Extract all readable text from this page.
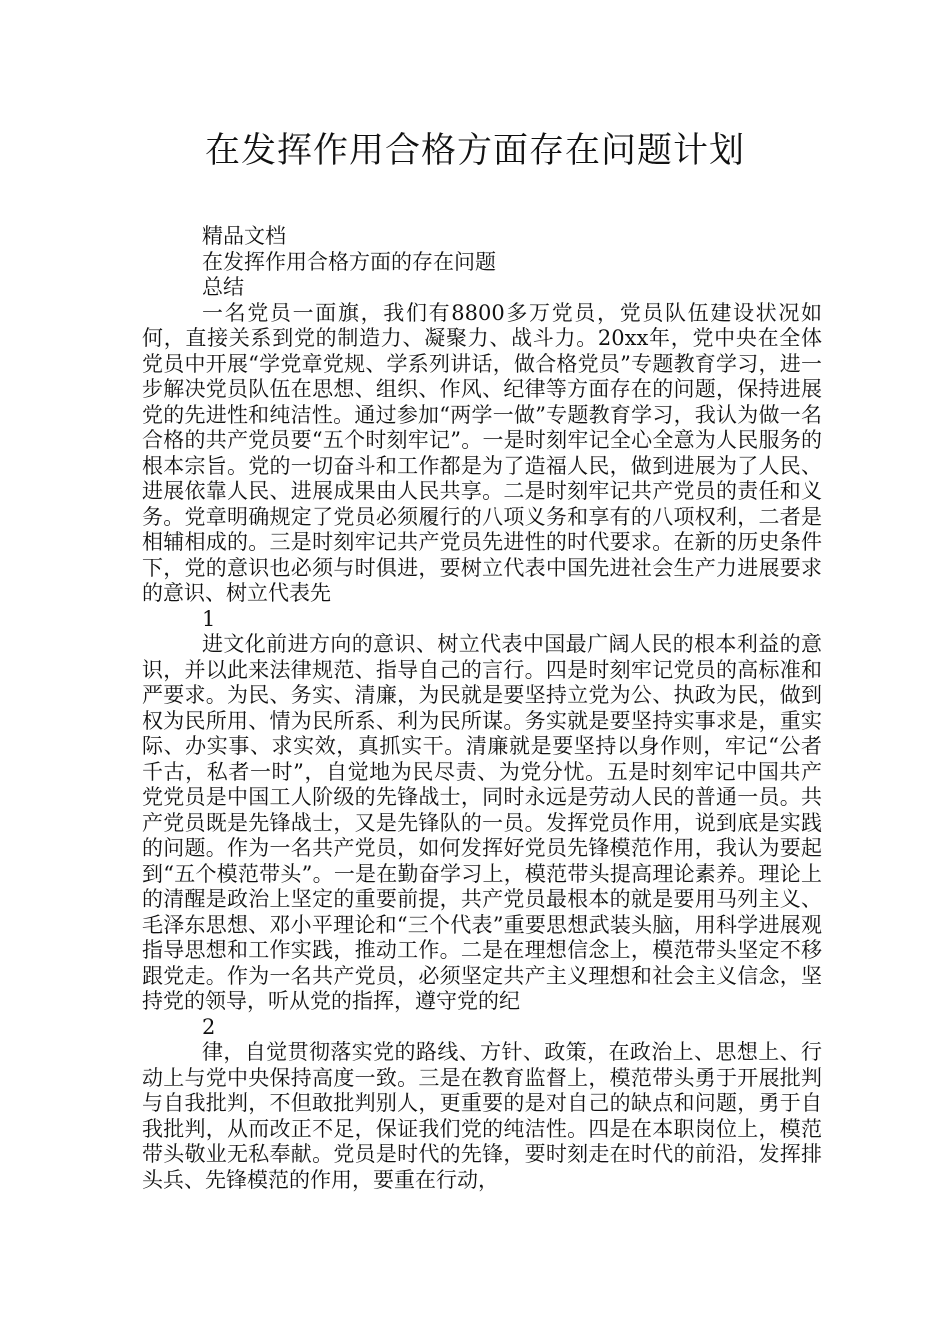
在发挥作用合格方面存在问题计划
精品文档
在发挥作用合格方面的存在问题
总结
一名党员一面旗，我们有8800多万党员，党员队伍建设状况如何，直接关系到党的制造力、凝聚力、战斗力。20xx年，党中央在全体党员中开展“学党章党规、学系列讲话，做合格党员”专题教育学习，进一步解决党员队伍在思想、组织、作风、纪律等方面存在的问题，保持进展党的先进性和纯洁性。通过参加“两学一做”专题教育学习，我认为做一名合格的共产党员要“五个时刻牢记”。一是时刻牢记全心全意为人民服务的根本宗旨。党的一切奋斗和工作都是为了造福人民，做到进展为了人民、进展依靠人民、进展成果由人民共享。二是时刻牢记共产党员的责任和义务。党章明确规定了党员必须履行的八项义务和享有的八项权利，二者是相辅相成的。三是时刻牢记共产党员先进性的时代要求。在新的历史条件下，党的意识也必须与时俱进，要树立代表中国先进社会生产力进展要求的意识、树立代表先
1
进文化前进方向的意识、树立代表中国最广阔人民的根本利益的意识，并以此来法律规范、指导自己的言行。四是时刻牢记党员的高标准和严要求。为民、务实、清廉，为民就是要坚持立党为公、执政为民，做到权为民所用、情为民所系、利为民所谋。务实就是要坚持实事求是，重实际、办实事、求实效，真抓实干。清廉就是要坚持以身作则，牢记“公者千古，私者一时”，自觉地为民尽责、为党分忧。五是时刻牢记中国共产党党员是中国工人阶级的先锋战士，同时永远是劳动人民的普通一员。共产党员既是先锋战士，又是先锋队的一员。发挥党员作用，说到底是实践的问题。作为一名共产党员，如何发挥好党员先锋模范作用，我认为要起到“五个模范带头”。一是在勤奋学习上，模范带头提高理论素养。理论上的清醒是政治上坚定的重要前提，共产党员最根本的就是要用马列主义、毛泽东思想、邓小平理论和“三个代表”重要思想武装头脑，用科学进展观指导思想和工作实践，推动工作。二是在理想信念上，模范带头坚定不移跟党走。作为一名共产党员，必须坚定共产主义理想和社会主义信念，坚持党的领导，听从党的指挥，遵守党的纪
2
律，自觉贯彻落实党的路线、方针、政策，在政治上、思想上、行动上与党中央保持高度一致。三是在教育监督上，模范带头勇于开展批判与自我批判，不但敢批判别人，更重要的是对自己的缺点和问题，勇于自我批判，从而改正不足，保证我们党的纯洁性。四是在本职岗位上，模范带头敬业无私奉献。党员是时代的先锋，要时刻走在时代的前沿，发挥排头兵、先锋模范的作用，要重在行动，
